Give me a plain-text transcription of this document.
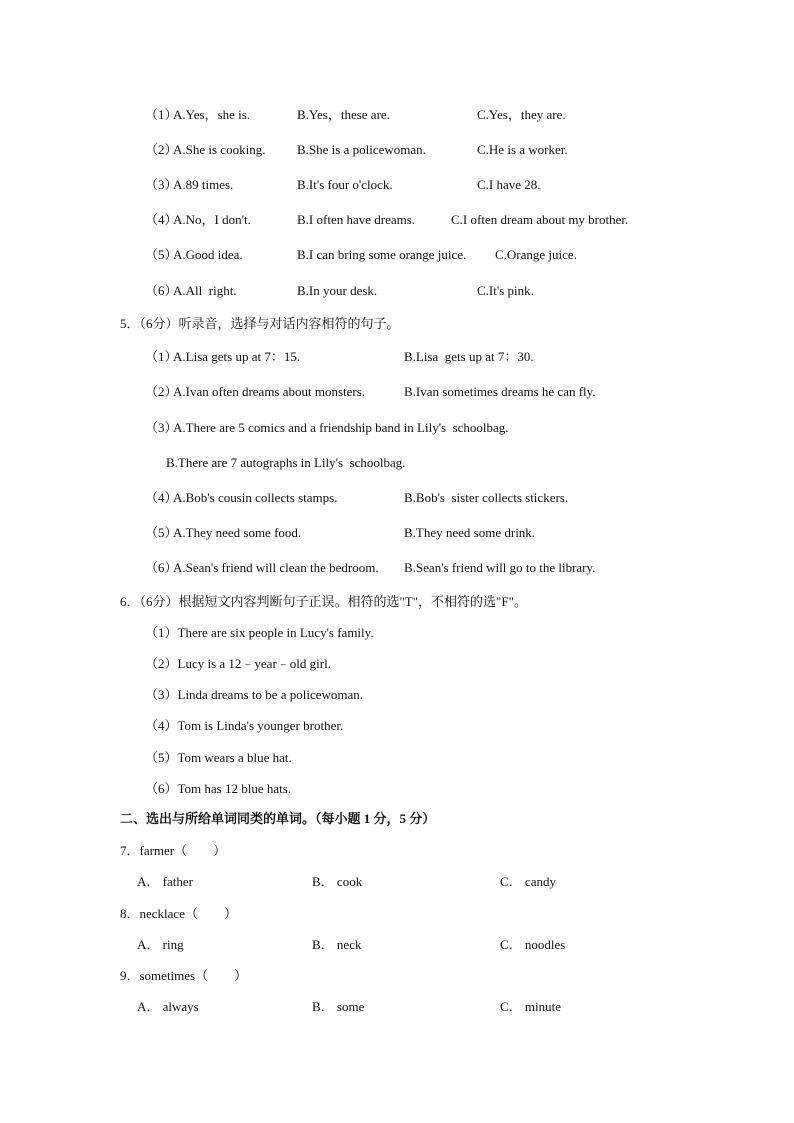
（1）
A.Yes，she is.	B.Yes，these are.	C.Yes，they are.
（2）
A.She is cooking. B.She is a policewoman.	C.He is a worker.
（3）
A.89 times.	B.It's four o'clock.	C.I have 28.
（4）
A.No，I don't.	B.I often have dreams.	C.I often dream about my brother.
（5）
A.Good idea.	B.I can bring some orange juice. C.Orange juice.
（6）
A.All  right.	B.In your desk.	C.It's pink.
5．（6分）听录音，选择与对话内容相符的句子。
（1）
A.Lisa gets up at 7：15.	B.Lisa  gets up at 7：30.
（2）
A.Ivan often dreams about monsters.	B.Ivan sometimes dreams he can fly.
（3）
A.There are 5 comics and a friendship band in Lily's  schoolbag.
B.There are 7 autographs in Lily's  schoolbag.
（4）
A.Bob's cousin collects stamps.	B.Bob's  sister collects stickers.
（5）
A.They need some food.	B.They need some drink.
（6）
A.Sean's friend will clean the bedroom. B.Sean's friend will go to the library.
6．（6分）根据短文内容判断句子正误。相符的选"T"，不相符的选"F"。
（1）There are six people in Lucy's family.
（2）Lucy is a 12﹣year﹣old girl.
（3）Linda dreams to be a policewoman.
（4）Tom is Linda's younger brother.
（5）Tom wears a blue hat.
（6）Tom has 12 blue hats.
二、选出与所给单词同类的单词。（每小题 1 分，5 分）
7．farmer（　　）
A． father	B． cook	C． candy
8．necklace（　　）
A． ring	B． neck	C． noodles
9．sometimes（　　）
A． always	B． some	C． minute
